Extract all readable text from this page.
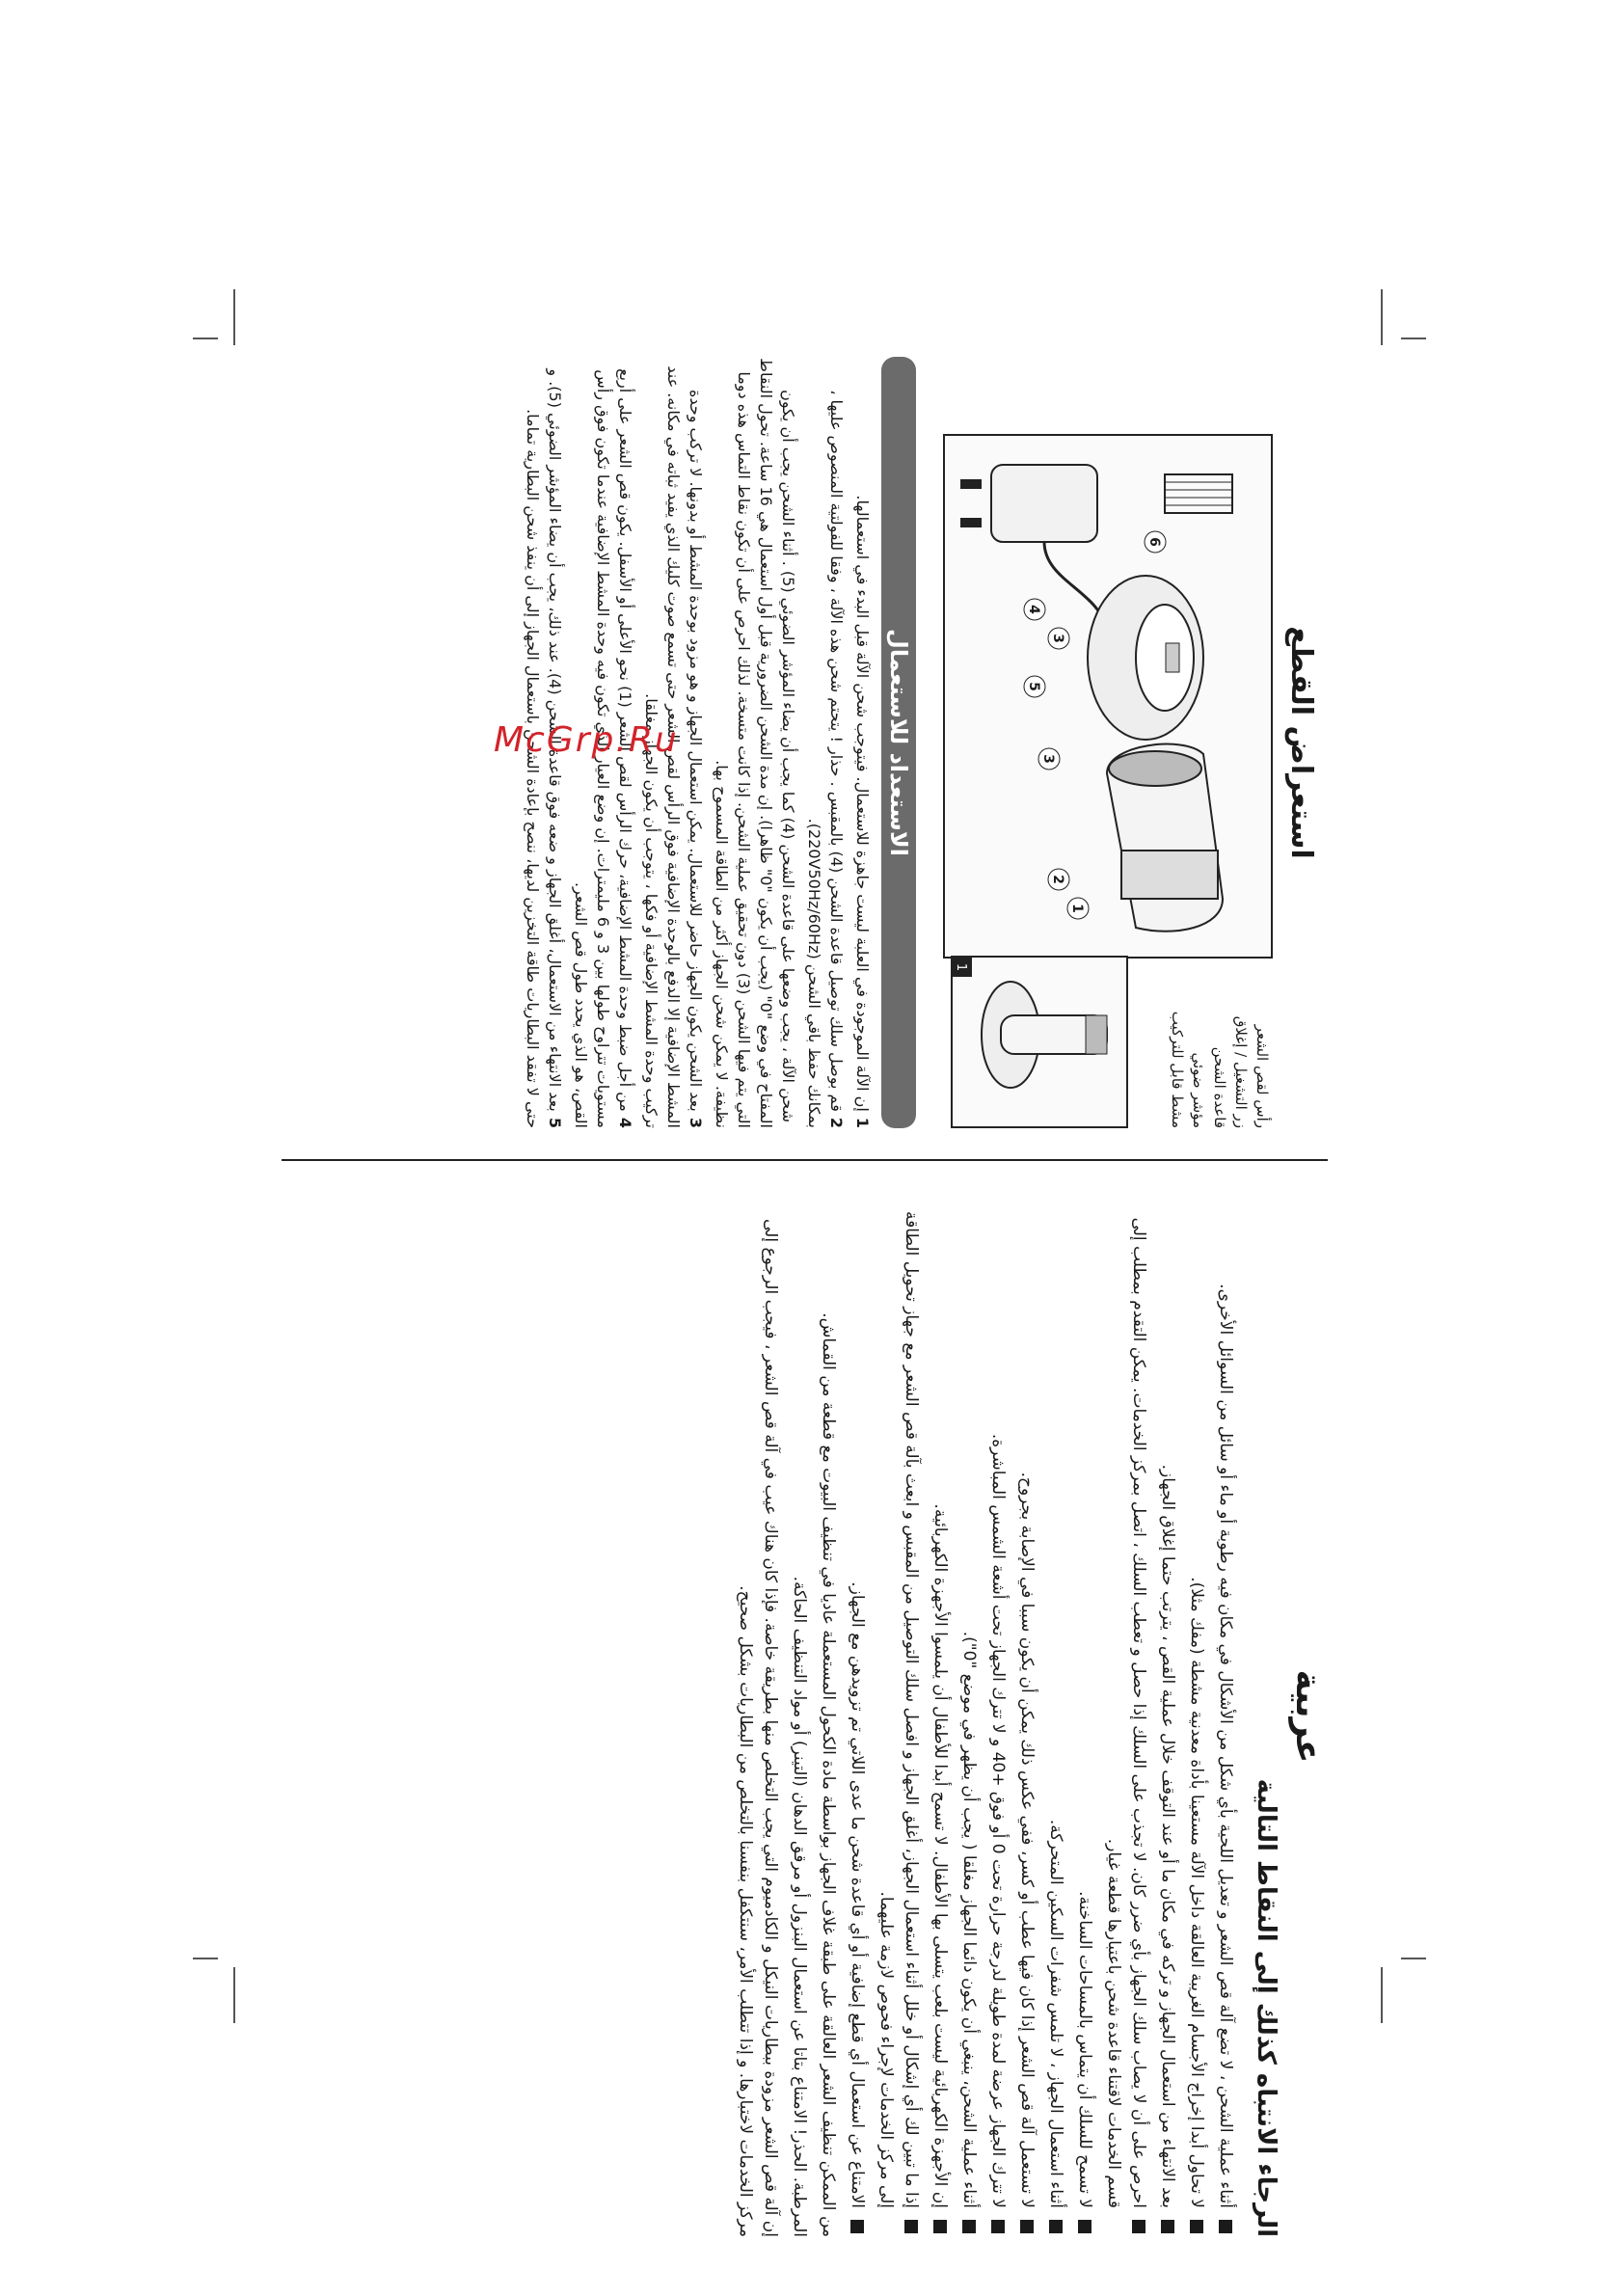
عربية
الرجاء الانتباه كذلك إلى النقاط التالية
أثناء عملية الشحن ، لا تضع آلة قص الشعر و تعديل اللحية بأي شكل من الأشكال في مكان فيه رطوبة أو ماء أو سائل من السوائل الأخرى.
لا تحاول أبدا إخراج الأجسام الغريبة العالقة داخل الآلة مستعينا بأداة معدنية مشطة (مفك مثلا).
بعد الانتهاء من استعمال الجهاز و تركه في مكان ما أو عند التوقف خلال عملية القص ، يترتب حتما إغلاق الجهاز.
احرص على أن لا يصاب سلك الجهاز بأي ضرر كان. لا تجذب على السلك إذا حصل و تعطب السلك ، اتصل بمركز الخدمات. يمكن التقدم بمطلب إلى قسم الخدمات لاقتناء قاعدة شحن باعتبارها قطعة غيار.
لا تسمح للسلك أن يتماس بالمساحات الساخنة.
أثناء استعمال الجهاز ، لا تلمس شفرات السكين المتحركة.
لا تستعمل آلة قص الشعر إذا كان فيها عطب أو كسر، ففي عكس ذلك يمكن أن يكون سببا في الإصابة بجروح.
لا تترك الجهاز عرضة لمدة طويلة لدرجة حرارة تحت 0 أو فوق +40 و لا تترك الجهاز تحت أشعة الشمس المباشرة.
أثناء عملية الشحن، ينبغي أن يكون دائما الجهاز مغلقا ( يجب أن يظهر في موضع "0").
إن الأجهزة الكهربائية ليست بلعب يتسلى بها الأطفال. لا تسمح أبدا للأطفال أن يلمسوا الأجهزة الكهربائية.
إذا ما تبين لك أي إشكال أو خلل أثناء استعمال الجهاز، أغلق الجهاز و افصل سلك التوصيل من المقبس و ابعث بآلة قص الشعر مع جهاز تحويل الطاقة إلى مركز الخدمات لإجراء فحوص لازمة عليهما.
الامتناع عن استعمال أي قطع إضافية أو أي قاعدة شحن ما عدى اللاتي تم تزويدهن مع الجهاز.

من الممكن تنظيف الشعر العالقة على طبقة غلاف الجهاز بواسطة مادة الكحول المستعملة عاديا في تنظيف البيوت مع قطعة من القماش.

المرطبة. الحذر! الامتناع بتاتا عن استعمال البنزول أو مرقق الدهان (التينر) أو مواد التنظيف الحاكة.

إن آلة قص الشعر مزودة ببطاريات النيكل و الكادميوم التي يجب التخلص منها بطريقة خاصة. فإذا كان هناك عيب في آلة قص الشعر ، فيجب الرجوع إلى مركز الخدمات لاختبارها. و إذا تتطلب الأمر، سنتكفل بنفسنا بالتخلص من البطاريات بشكل صحيح.

استعراض القطع
رأس لقص الشعر
زر التشغيل / إغلاق
قاعدة الشحن
مؤشر ضوئي
مشط قابل للتركيب
1
2
3
3
4
5
6
1
الاستعداد للاستعمال
1إن الآلة الموجودة في العلبة ليست جاهزة للاستعمال. فيتوجب شحن الآلة قبل البدء في استعمالها.
2قم بوصل سلك توصيل قاعدة الشحن (4) بالمقبس . حذار ! يتحتم شحن هذه الآلة ، وفقا للفولتية المنصوص عليها ، بمكانك حفظ باقي الشحن (220V50Hz/60Hz).
شحن الآلة ، يجب وضعها على قاعدة الشحن (4) كما يجب أن يضاء المؤشر الضوئي (5) . أثناء الشحن يجب أن يكون المفتاح في وضع "0" (يجب أن يكون "0" ظاهرا). إن مدة الشحن الضرورية قبل أول استعمال هي 16 ساعة. تحول النقاط التي يتم فيها الشحن (3) دون تحقيق عملية الشحن. إذا كانت متسخة. لذلك احرص على أن تكون نقاط التماس هذه دوما نظيفة. لا يمكن شحن الجهاز أكثر من الطاقة المسموح بها.
3بعد الشحن يكون الجهاز حاضر للاستعمال. يمكن استعمال الجهاز و هو مزود بوحدة المشط أو بدونها. لا تركب وحدة المشط الإضافية إلا الدفع بالوحدة الإضافية فوق الرأس لقص الشعر حتى تسمع صوت كليك الذي يفيد ثباته في مكانه. عند تركيب وحدة المشط الإضافية أو فكها ، يتوجب أن يكون الجهاز مغلقا.
4من أجل ضبط وحدة المشط الإضافية، حرك الرأس لقص الشعر (1) نحو الأعلى أو الأسفل. يكون قص الشعر على أربع مستويات تتراوح طولها بين 3 و 6 مليمترات. إن وضع العيار الذي تكون فيه وحدة المشط الإضافية عندما تكون فوق رأس القص، هو الذي يحدد طول قص الشعر.
5بعد الانتهاء من الاستعمال، أغلق الجهاز و ضعه فوق قاعدة الشحن (4). عند ذلك، يجب أن يضاء المؤشر الضوئي (5). و حتى لا تفقد البطاريات طاقة التخزين لديها، ننصح بإعادة الشحن باستعمال الجهاز إلى أن ينفذ شحن البطارية تماما.
McGrp.Ru
